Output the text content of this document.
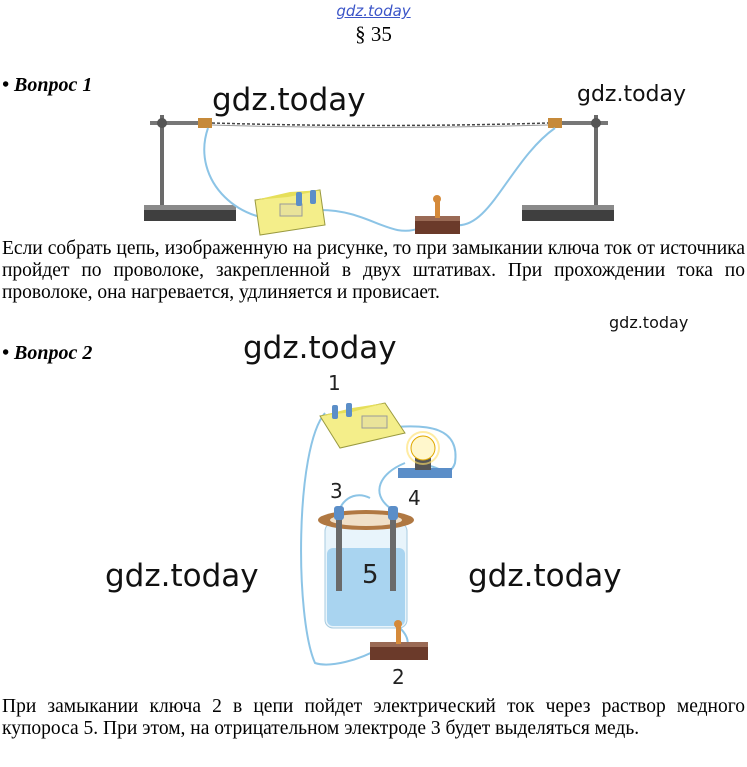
gdz.today
§ 35
• Вопрос 1	gdz.today	gdz.today
Если собрать цепь, изображенную на рисунке, то при замыкании ключа ток от источника пройдет по проволоке, закрепленной в двух штативах. При прохождении тока по проволоке, она нагревается, удлиняется и провисает.
gdz.today
• Вопрос 2	gdz.today
1
3	4
5
2
gdz.today	gdz.today
При замыкании ключа 2 в цепи пойдет электрический ток через раствор медного купороса 5. При этом, на отрицательном электроде 3 будет выделяться медь.
